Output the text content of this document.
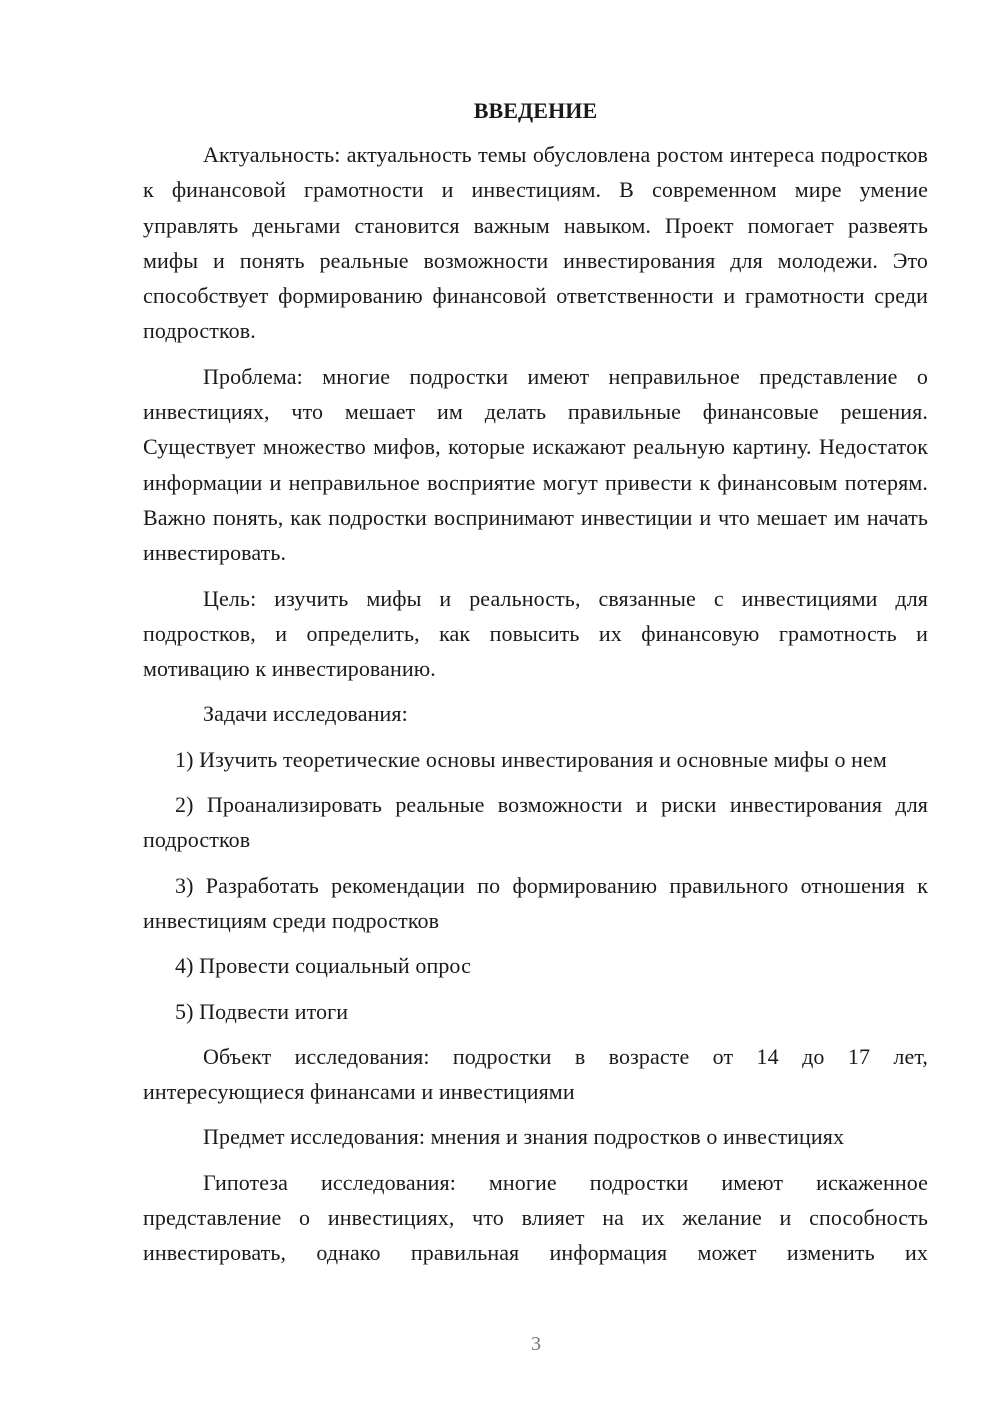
ВВЕДЕНИЕ

Актуальность: актуальность темы обусловлена ростом интереса подростков к финансовой грамотности и инвестициям. В современном мире умение управлять деньгами становится важным навыком. Проект помогает развеять мифы и понять реальные возможности инвестирования для молодежи. Это способствует формированию финансовой ответственности и грамотности среди подростков.

Проблема: многие подростки имеют неправильное представление о инвестициях, что мешает им делать правильные финансовые решения. Существует множество мифов, которые искажают реальную картину. Недостаток информации и неправильное восприятие могут привести к финансовым потерям. Важно понять, как подростки воспринимают инвестиции и что мешает им начать инвестировать.

Цель: изучить мифы и реальность, связанные с инвестициями для подростков, и определить, как повысить их финансовую грамотность и мотивацию к инвестированию.

Задачи исследования:

1) Изучить теоретические основы инвестирования и основные мифы о нем

2) Проанализировать реальные возможности и риски инвестирования для подростков

3) Разработать рекомендации по формированию правильного отношения к инвестициям среди подростков

4) Провести социальный опрос

5) Подвести итоги

Объект исследования: подростки в возрасте от 14 до 17 лет, интересующиеся финансами и инвестициями

Предмет исследования: мнения и знания подростков о инвестициях

Гипотеза исследования: многие подростки имеют искаженное представление о инвестициях, что влияет на их желание и способность инвестировать, однако правильная информация может изменить их

3
